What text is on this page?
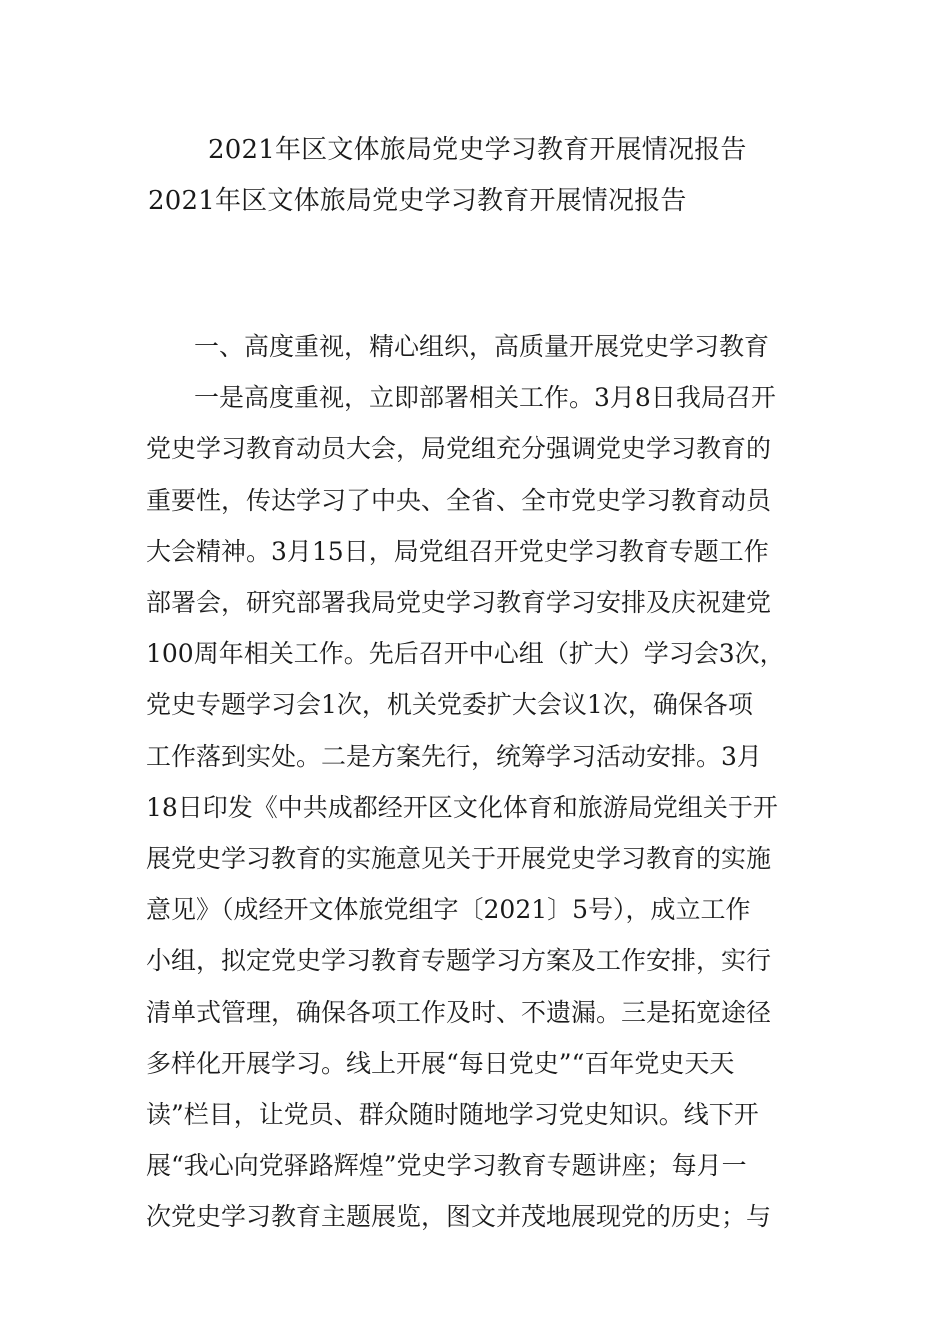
2021年区文体旅局党史学习教育开展情况报告
2021年区文体旅局党史学习教育开展情况报告
一、高度重视，精心组织，高质量开展党史学习教育
一是高度重视，立即部署相关工作。3月8日我局召开
党史学习教育动员大会，局党组充分强调党史学习教育的
重要性，传达学习了中央、全省、全市党史学习教育动员
大会精神。3月15日，局党组召开党史学习教育专题工作
部署会，研究部署我局党史学习教育学习安排及庆祝建党
100周年相关工作。先后召开中心组（扩大）学习会3次，
党史专题学习会1次，机关党委扩大会议1次，确保各项
工作落到实处。二是方案先行，统筹学习活动安排。3月
18日印发《中共成都经开区文化体育和旅游局党组关于开
展党史学习教育的实施意见关于开展党史学习教育的实施
意见》（成经开文体旅党组字〔2021〕5号），成立工作
小组，拟定党史学习教育专题学习方案及工作安排，实行
清单式管理，确保各项工作及时、不遗漏。三是拓宽途径
多样化开展学习。线上开展“每日党史”“百年党史天天
读”栏目，让党员、群众随时随地学习党史知识。线下开
展“我心向党驿路辉煌”党史学习教育专题讲座；每月一
次党史学习教育主题展览，图文并茂地展现党的历史；与
